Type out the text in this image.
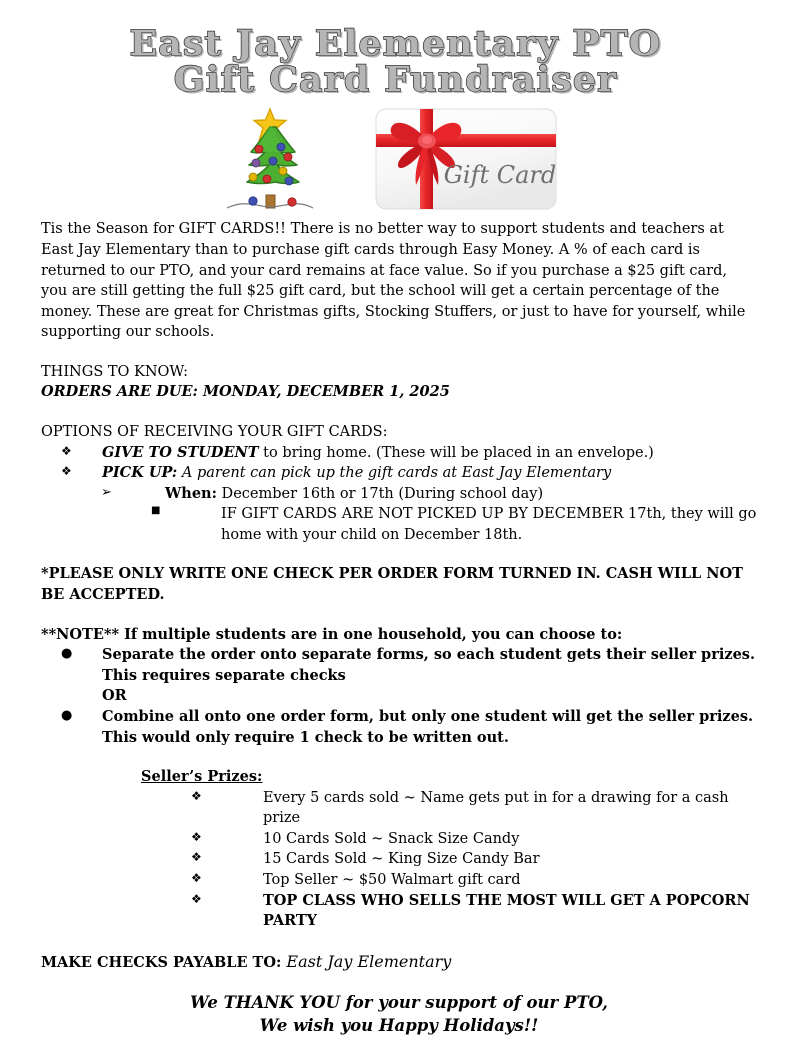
East Jay Elementary PTO
Gift Card Fundraiser
Gift Card

Tis the Season for GIFT CARDS!! There is no better way to support students and teachers at East Jay Elementary than to purchase gift cards through Easy Money. A % of each card is returned to our PTO, and your card remains at face value. So if you purchase a $25 gift card, you are still getting the full $25 gift card, but the school will get a certain percentage of the money. These are great for Christmas gifts, Stocking Stuffers, or just to have for yourself, while supporting our schools.

THINGS TO KNOW:
ORDERS ARE DUE: MONDAY, DECEMBER 1, 2025
OPTIONS OF RECEIVING YOUR GIFT CARDS:
❖	GIVE TO STUDENT to bring home. (These will be placed in an envelope.)
❖	PICK UP: A parent can pick up the gift cards at East Jay Elementary
➢	When: December 16th or 17th (During school day)
■	IF GIFT CARDS ARE NOT PICKED UP BY DECEMBER 17th, they will go home with your child on December 18th.
*PLEASE ONLY WRITE ONE CHECK PER ORDER FORM TURNED IN. CASH WILL NOT BE ACCEPTED.
**NOTE** If multiple students are in one household, you can choose to:
●	Separate the order onto separate forms, so each student gets their seller prizes. This requires separate checks
OR
●	Combine all onto one order form, but only one student will get the seller prizes. This would only require 1 check to be written out.
Seller’s Prizes:
❖	Every 5 cards sold ~ Name gets put in for a drawing for a cash prize
❖	10 Cards Sold ~ Snack Size Candy
❖	15 Cards Sold ~ King Size Candy Bar
❖	Top Seller ~ $50 Walmart gift card
❖	TOP CLASS WHO SELLS THE MOST WILL GET A POPCORN PARTY
MAKE CHECKS PAYABLE TO: East Jay Elementary
We THANK YOU for your support of our PTO,
We wish you Happy Holidays!!
